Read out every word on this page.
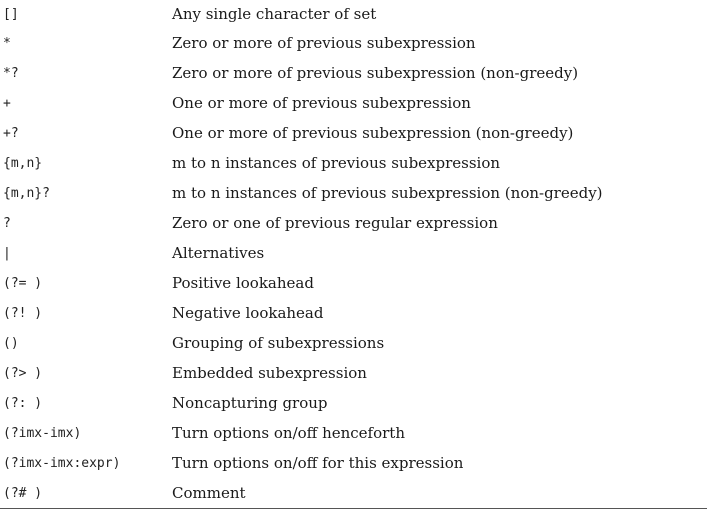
[]	Any single character of set
*	Zero or more of previous subexpression
*?	Zero or more of previous subexpression (non-greedy)
+	One or more of previous subexpression
+?	One or more of previous subexpression (non-greedy)
{m,n}	m to n instances of previous subexpression
{m,n}?	m to n instances of previous subexpression (non-greedy)
?	Zero or one of previous regular expression
|	Alternatives
(?= )	Positive lookahead
(?! )	Negative lookahead
()	Grouping of subexpressions
(?> )	Embedded subexpression
(?: )	Noncapturing group
(?imx-imx)	Turn options on/off henceforth
(?imx-imx:expr)	Turn options on/off for this expression
(?# )	Comment
